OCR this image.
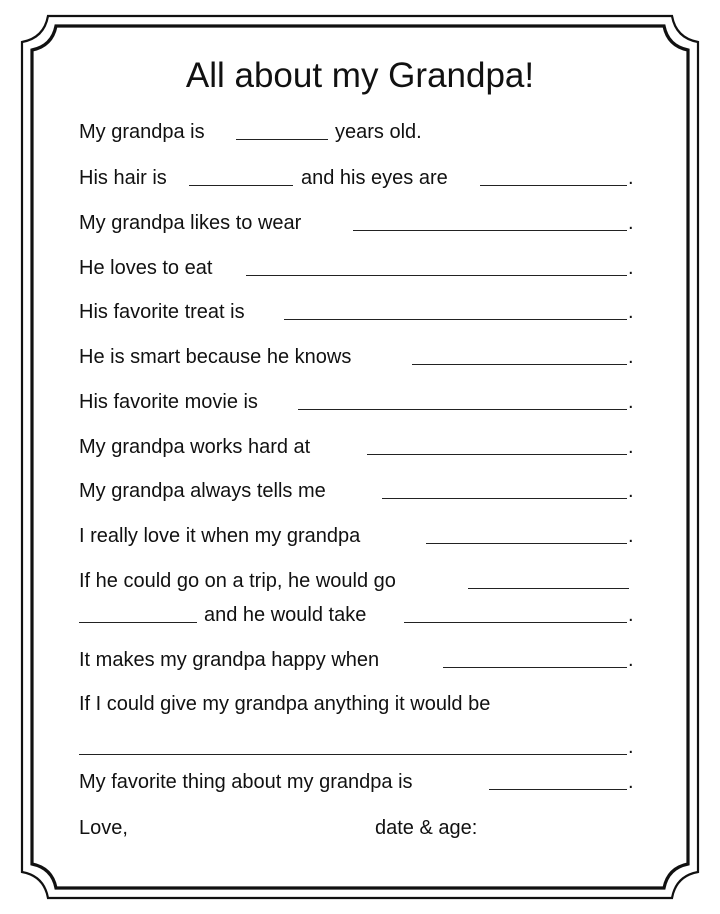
All about my Grandpa!
My grandpa is	years old.
His hair is	and his eyes are	.
My grandpa likes to wear	.
He loves to eat	.
His favorite treat is	.
He is smart because he knows	.
His favorite movie is	.
My grandpa works hard at	.
My grandpa always tells me	.
I really love it when my grandpa	.
If he could go on a trip, he would go
and he would take	.
It makes my grandpa happy when	.
If I could give my grandpa anything it would be
.
My favorite thing about my grandpa is	.
Love,	date & age:
